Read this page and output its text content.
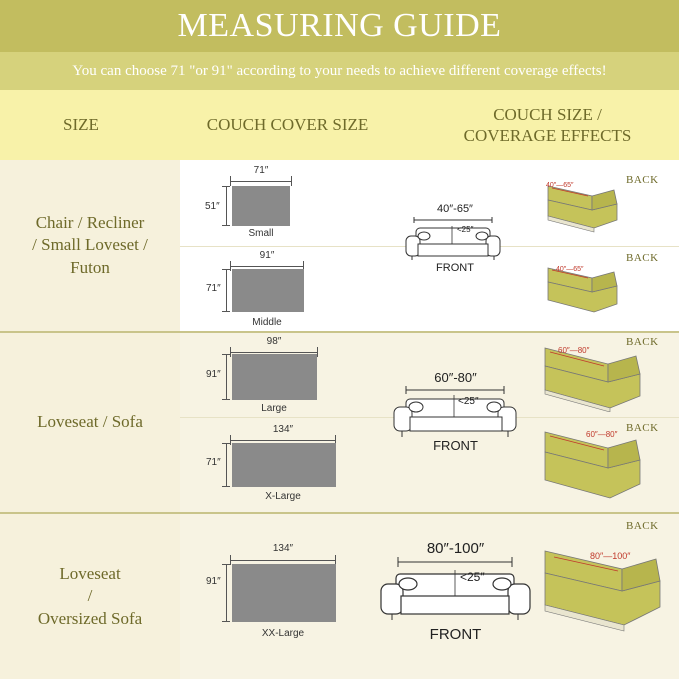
MEASURING GUIDE

You can choose 71 "or 91" according to your needs to achieve different coverage effects!

SIZE	COUCH COVER SIZE
COUCH SIZE /
COVERAGE EFFECTS
Chair / Recliner
/ Small Loveset /
Futon
Loveseat / Sofa
Loveseat
/
Oversized Sofa
71″
51″
Small
91″
71″
Middle
98″
91″
Large
134″
71″
X-Large
134″
91″
XX-Large
40″-65″
<25″
FRONT
60″-80″
<25″
FRONT
80″-100″
<25″
FRONT
BACK
40″—65″
BACK
40″—65″
BACK
60″—80″
BACK
60″—80″
BACK
80″—100″
